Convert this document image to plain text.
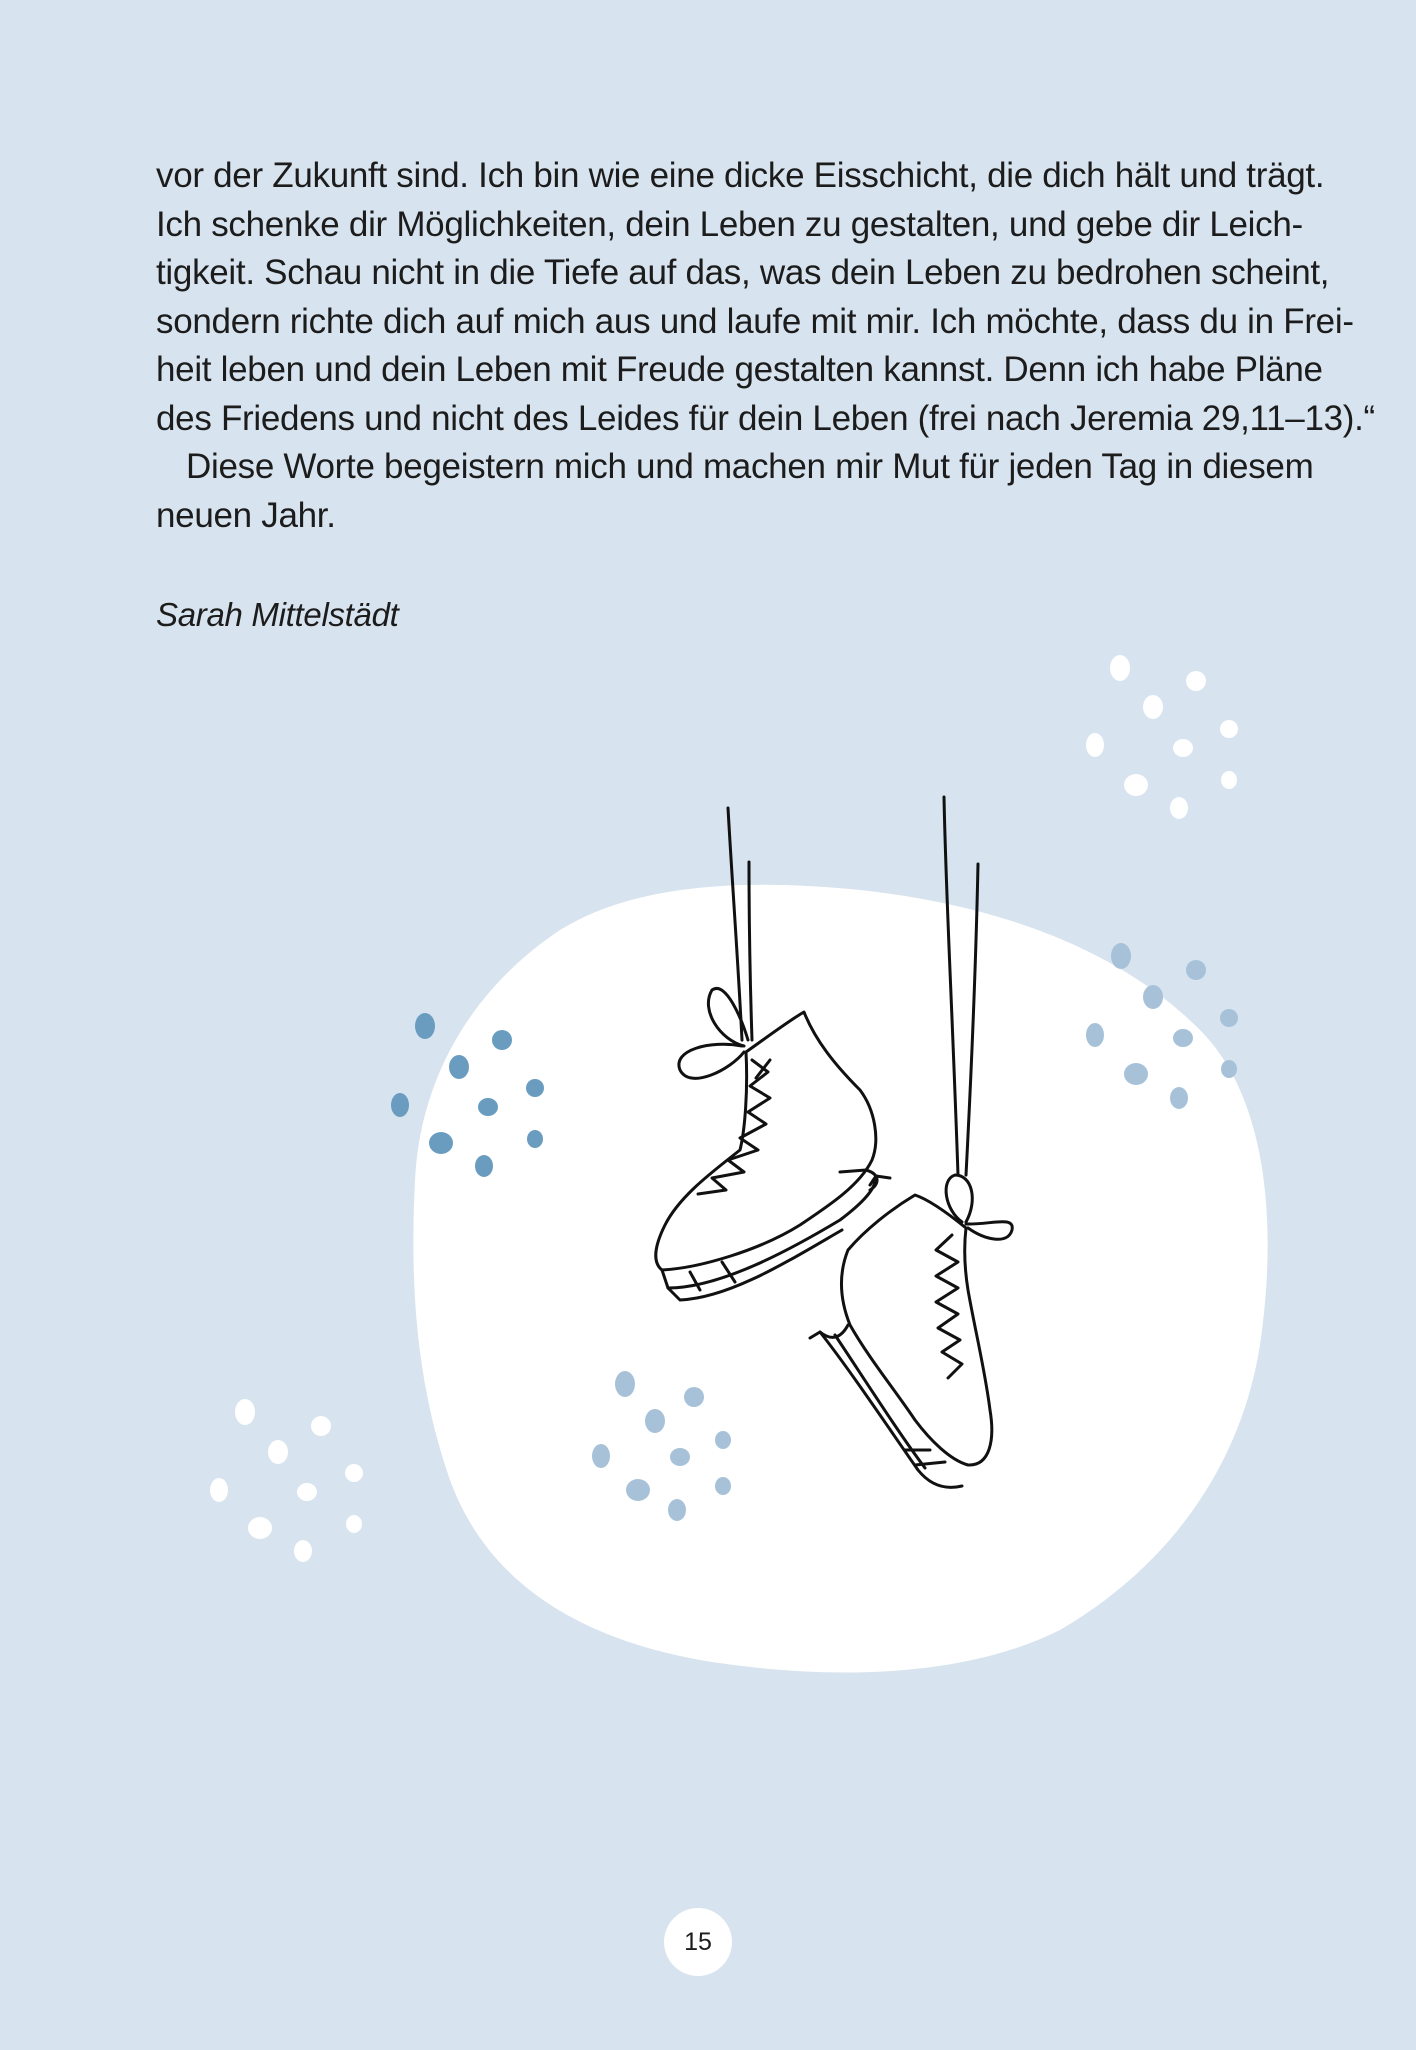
vor der Zukunft sind. Ich bin wie eine dicke Eisschicht, die dich hält und trägt.
Ich schenke dir Möglichkeiten, dein Leben zu gestalten, und gebe dir Leich-
tigkeit. Schau nicht in die Tiefe auf das, was dein Leben zu bedrohen scheint,
sondern richte dich auf mich aus und laufe mit mir. Ich möchte, dass du in Frei-
heit leben und dein Leben mit Freude gestalten kannst. Denn ich habe Pläne
des Friedens und nicht des Leides für dein Leben (frei nach Jeremia 29,11–13).“
Diese Worte begeistern mich und machen mir Mut für jeden Tag in diesem
neuen Jahr.
Sarah Mittelstädt
15
